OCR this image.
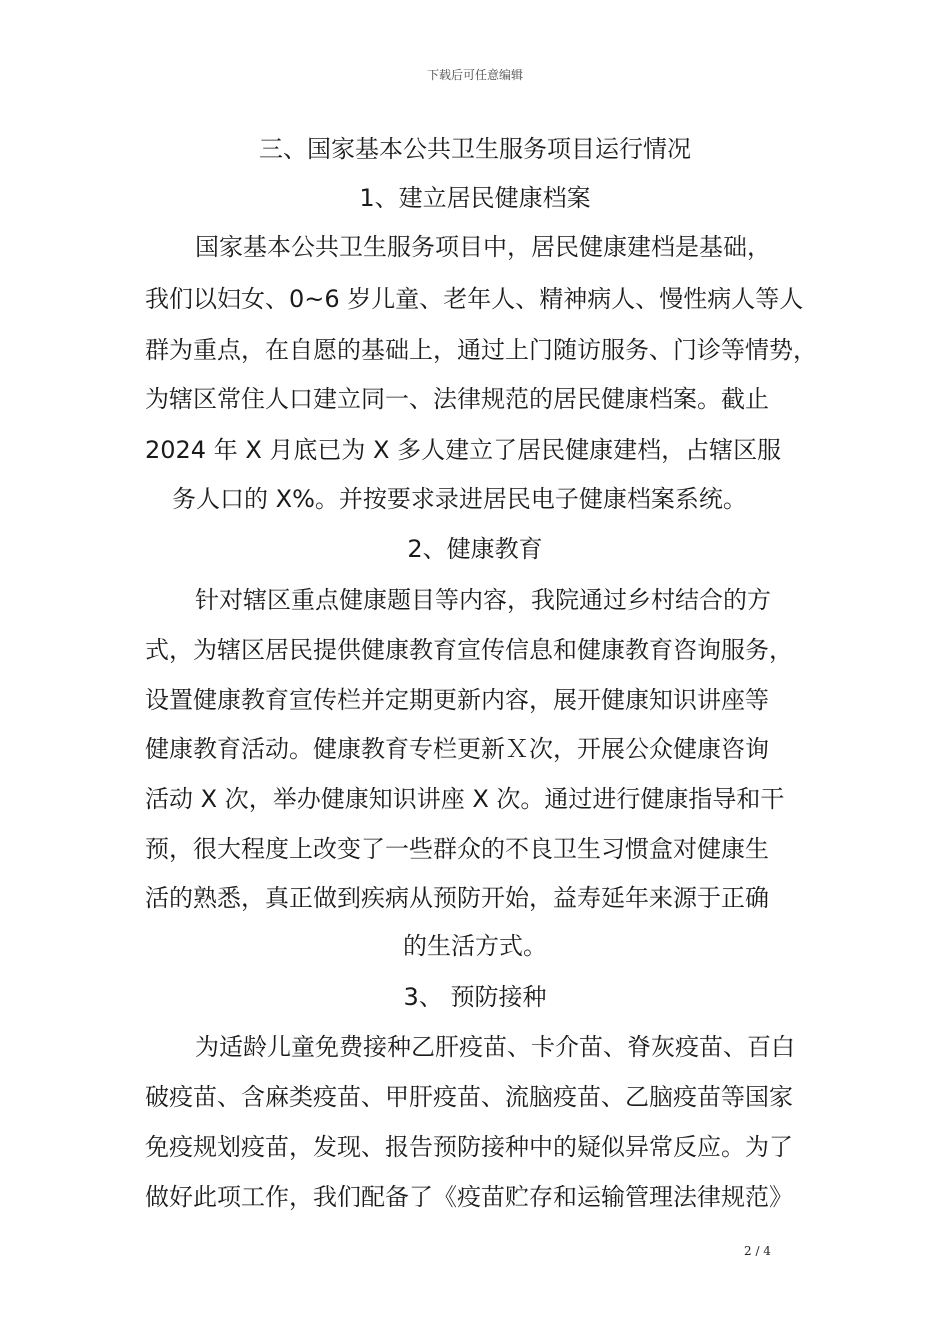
下载后可任意编辑
三、国家基本公共卫生服务项目运行情况
1、建立居民健康档案
国家基本公共卫生服务项目中，居民健康建档是基础，
我们以妇女、0~6 岁儿童、老年人、精神病人、慢性病人等人
群为重点，在自愿的基础上，通过上门随访服务、门诊等情势，
为辖区常住人口建立同一、法律规范的居民健康档案。截止
2024 年 X 月底已为 X 多人建立了居民健康建档，占辖区服
务人口的 X%。并按要求录进居民电子健康档案系统。
2、健康教育
针对辖区重点健康题目等内容，我院通过乡村结合的方
式，为辖区居民提供健康教育宣传信息和健康教育咨询服务，
设置健康教育宣传栏并定期更新内容，展开健康知识讲座等
健康教育活动。健康教育专栏更新Ｘ次，开展公众健康咨询
活动 X 次，举办健康知识讲座 X 次。通过进行健康指导和干
预，很大程度上改变了一些群众的不良卫生习惯盒对健康生
活的熟悉，真正做到疾病从预防开始，益寿延年来源于正确
的生活方式。
3、 预防接种
为适龄儿童免费接种乙肝疫苗、卡介苗、脊灰疫苗、百白
破疫苗、含麻类疫苗、甲肝疫苗、流脑疫苗、乙脑疫苗等国家
免疫规划疫苗，发现、报告预防接种中的疑似异常反应。为了
做好此项工作，我们配备了《疫苗贮存和运输管理法律规范》
2 / 4
